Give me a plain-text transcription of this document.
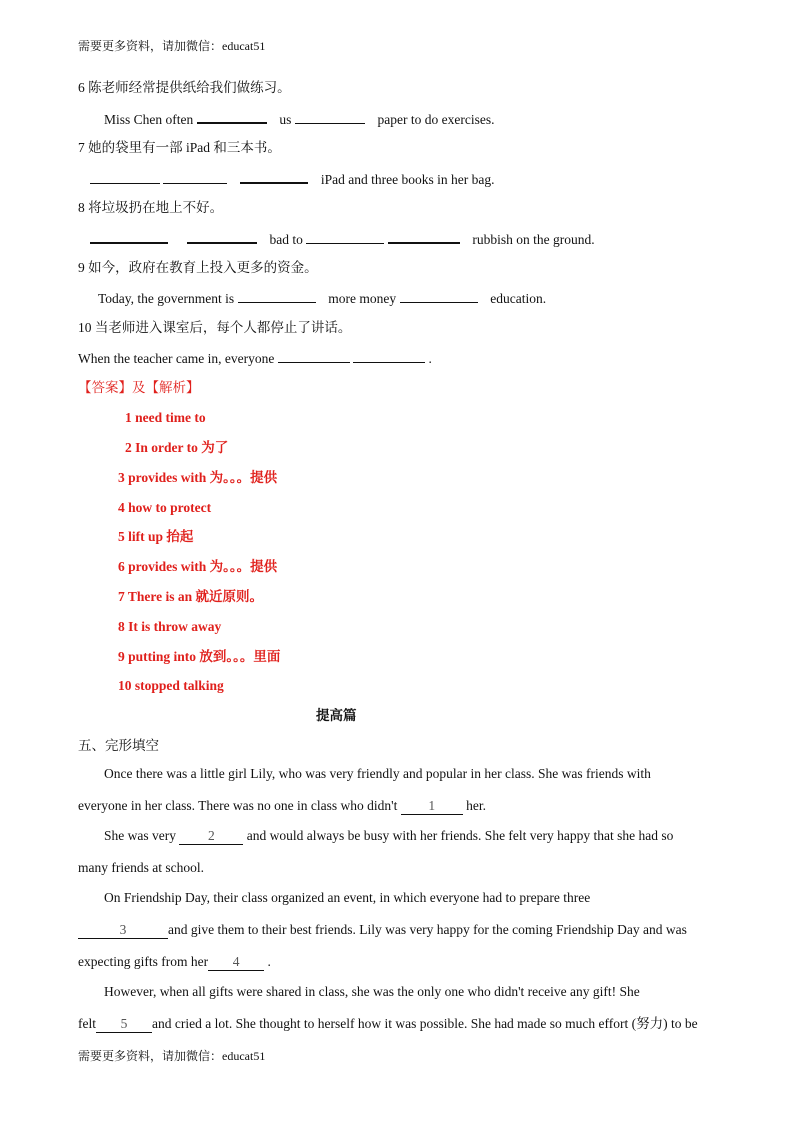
需要更多资料，请加微信：educat51
6 陈老师经常提供纸给我们做练习。
Miss Chen often	us	paper to do exercises.
7 她的袋里有一部 iPad 和三本书。
iPad and three books in her bag.
8 将垃圾扔在地上不好。
bad to	rubbish on the ground.
9 如今，政府在教育上投入更多的资金。
Today, the government is	more money	education.
10 当老师进入课室后，每个人都停止了讲话。
When the teacher came in, everyone	.
【答案】及【解析】
1 need time to
2 In order to 为了
3 provides with 为。。。提供
4 how to protect
5 lift up 抬起
6 provides with 为。。。提供
7 There is an 就近原则。
8 It is throw away
9 putting into 放到。。。里面
10 stopped talking
提高篇
五、完形填空
Once there was a little girl Lily, who was very friendly and popular in her class. She was friends with
everyone in her class. There was no one in class who didn't 1 her.
She was very 2 and would always be busy with her friends. She felt very happy that she had so
many friends at school.
On Friendship Day, their class organized an event, in which everyone had to prepare three
3	and give them to their best friends. Lily was very happy for the coming Friendship Day and was
expecting gifts from her 4 .
However, when all gifts were shared in class, she was the only one who didn't receive any gift! She
felt 5 and cried a lot. She thought to herself how it was possible. She had made so much effort (努力) to be
需要更多资料，请加微信：educat51
